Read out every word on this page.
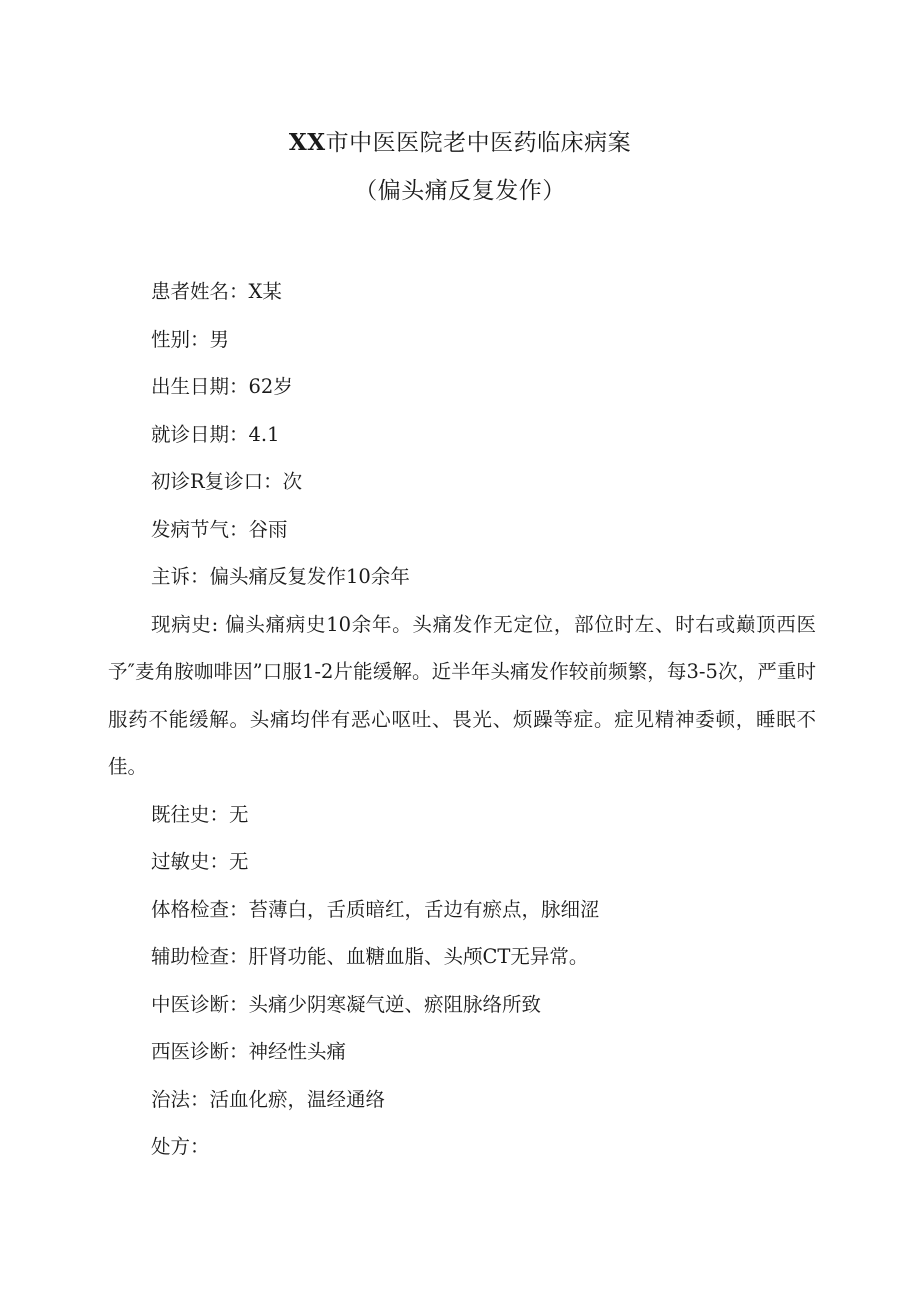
XX市中医医院老中医药临床病案
（偏头痛反复发作）

患者姓名：X某

性别：男

出生日期：62岁

就诊日期：4.1

初诊R复诊口：次

发病节气：谷雨

主诉：偏头痛反复发作10余年

现病史: 偏头痛病史10余年。头痛发作无定位，部位时左、时右或巅顶西医予″麦角胺咖啡因”口服1-2片能缓解。近半年头痛发作较前频繁，每3-5次，严重时服药不能缓解。头痛均伴有恶心呕吐、畏光、烦躁等症。症见精神委顿，睡眠不佳。

既往史：无

过敏史：无

体格检查：苔薄白，舌质暗红，舌边有瘀点，脉细涩

辅助检查：肝肾功能、血糖血脂、头颅CT无异常。

中医诊断：头痛少阴寒凝气逆、瘀阻脉络所致

西医诊断：神经性头痛

治法：活血化瘀，温经通络

处方：
